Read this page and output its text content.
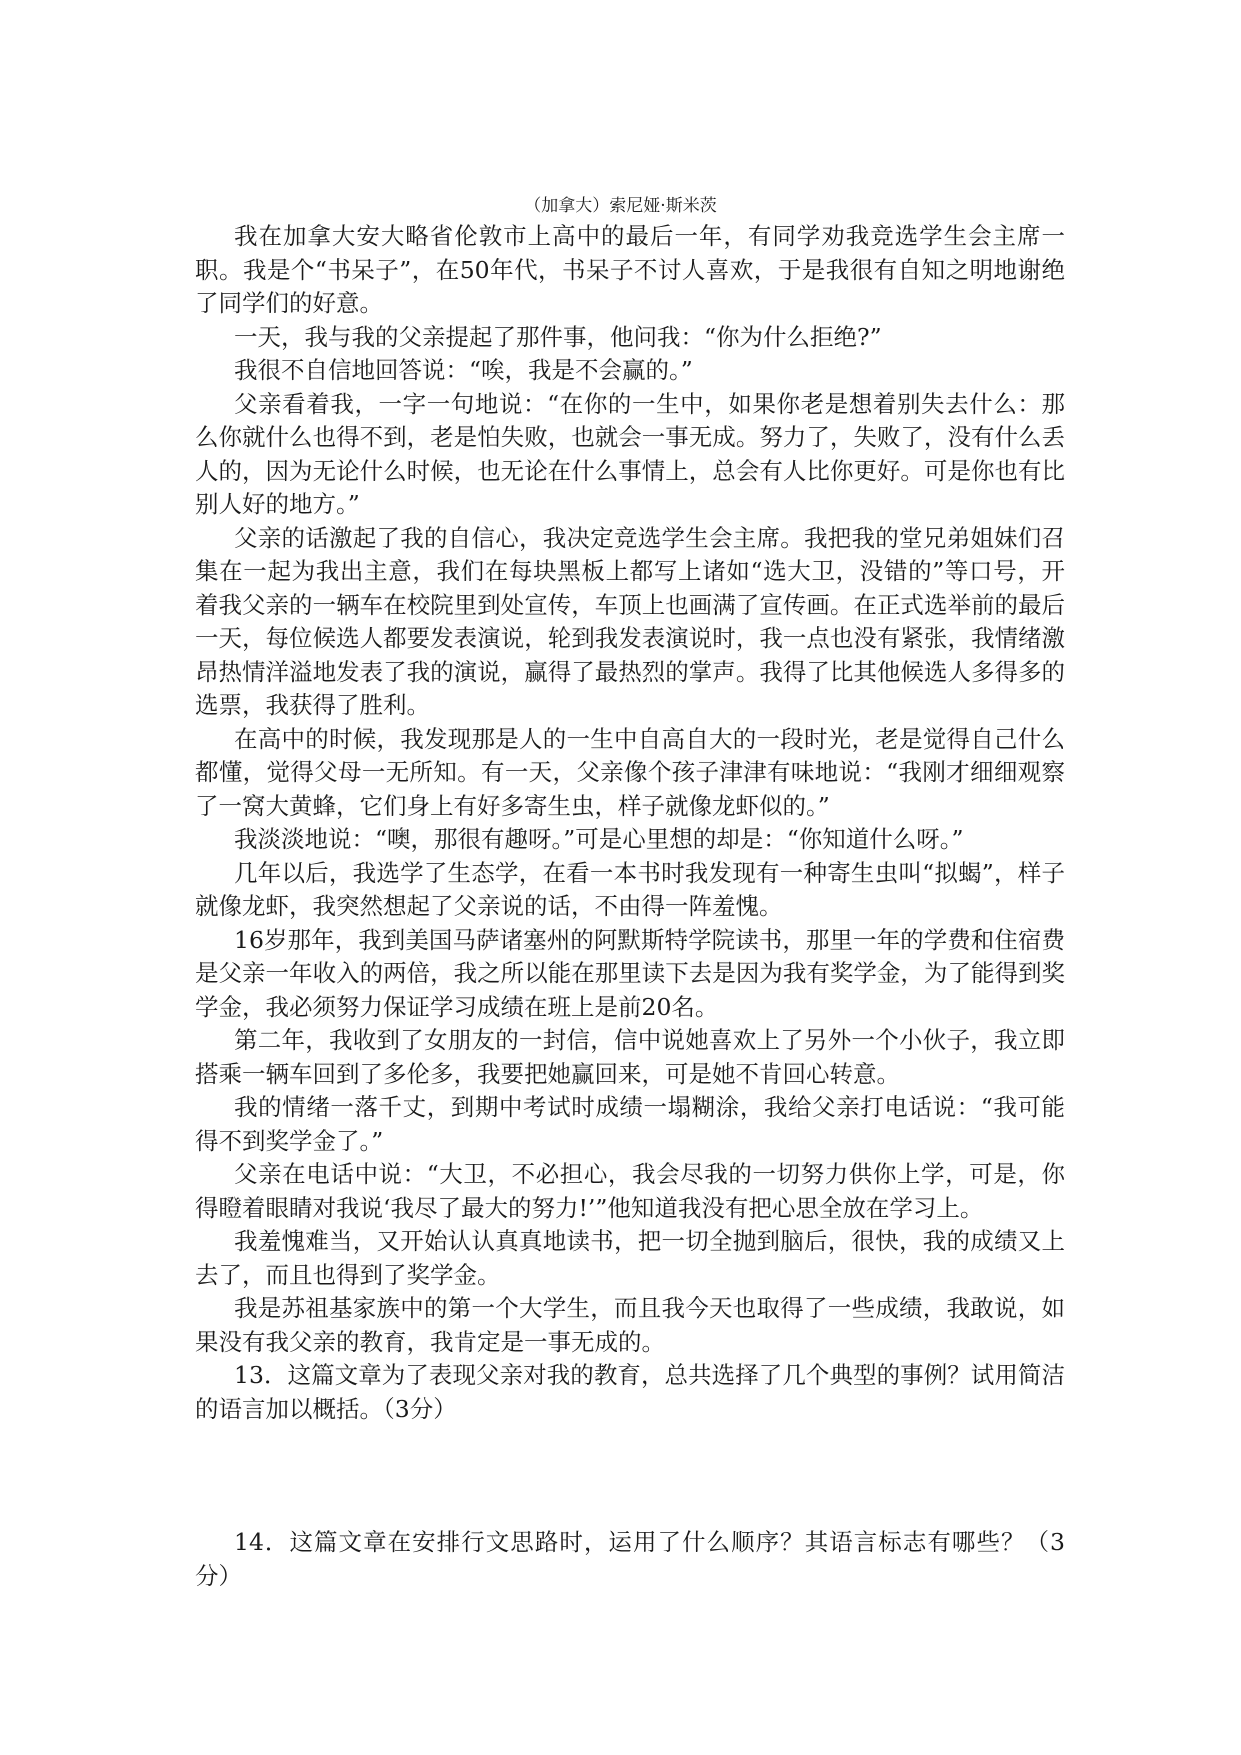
（加拿大）索尼娅·斯米茨

我在加拿大安大略省伦敦市上高中的最后一年，有同学劝我竞选学生会主席一职。我是个“书呆子”，在50年代，书呆子不讨人喜欢，于是我很有自知之明地谢绝了同学们的好意。

一天，我与我的父亲提起了那件事，他问我：“你为什么拒绝?”

我很不自信地回答说：“唉，我是不会赢的。”

父亲看着我，一字一句地说：“在你的一生中，如果你老是想着别失去什么：那么你就什么也得不到，老是怕失败，也就会一事无成。努力了，失败了，没有什么丢人的，因为无论什么时候，也无论在什么事情上，总会有人比你更好。可是你也有比别人好的地方。”

父亲的话激起了我的自信心，我决定竞选学生会主席。我把我的堂兄弟姐妹们召集在一起为我出主意，我们在每块黑板上都写上诸如“选大卫，没错的”等口号，开着我父亲的一辆车在校院里到处宣传，车顶上也画满了宣传画。在正式选举前的最后一天，每位候选人都要发表演说，轮到我发表演说时，我一点也没有紧张，我情绪激昂热情洋溢地发表了我的演说，赢得了最热烈的掌声。我得了比其他候选人多得多的选票，我获得了胜利。

在高中的时候，我发现那是人的一生中自高自大的一段时光，老是觉得自己什么都懂，觉得父母一无所知。有一天，父亲像个孩子津津有味地说：“我刚才细细观察了一窝大黄蜂，它们身上有好多寄生虫，样子就像龙虾似的。”

我淡淡地说：“噢，那很有趣呀。”可是心里想的却是：“你知道什么呀。”

几年以后，我选学了生态学，在看一本书时我发现有一种寄生虫叫“拟蝎”，样子就像龙虾，我突然想起了父亲说的话，不由得一阵羞愧。

16岁那年，我到美国马萨诸塞州的阿默斯特学院读书，那里一年的学费和住宿费是父亲一年收入的两倍，我之所以能在那里读下去是因为我有奖学金，为了能得到奖学金，我必须努力保证学习成绩在班上是前20名。

第二年，我收到了女朋友的一封信，信中说她喜欢上了另外一个小伙子，我立即搭乘一辆车回到了多伦多，我要把她赢回来，可是她不肯回心转意。

我的情绪一落千丈，到期中考试时成绩一塌糊涂，我给父亲打电话说：“我可能得不到奖学金了。”

父亲在电话中说：“大卫，不必担心，我会尽我的一切努力供你上学，可是，你得瞪着眼睛对我说‘我尽了最大的努力!’”他知道我没有把心思全放在学习上。

我羞愧难当，又开始认认真真地读书，把一切全抛到脑后，很快，我的成绩又上去了，而且也得到了奖学金。

我是苏祖基家族中的第一个大学生，而且我今天也取得了一些成绩，我敢说，如果没有我父亲的教育，我肯定是一事无成的。

13．这篇文章为了表现父亲对我的教育，总共选择了几个典型的事例？试用简洁的语言加以概括。（3分）

14．这篇文章在安排行文思路时，运用了什么顺序？其语言标志有哪些？（3分）
